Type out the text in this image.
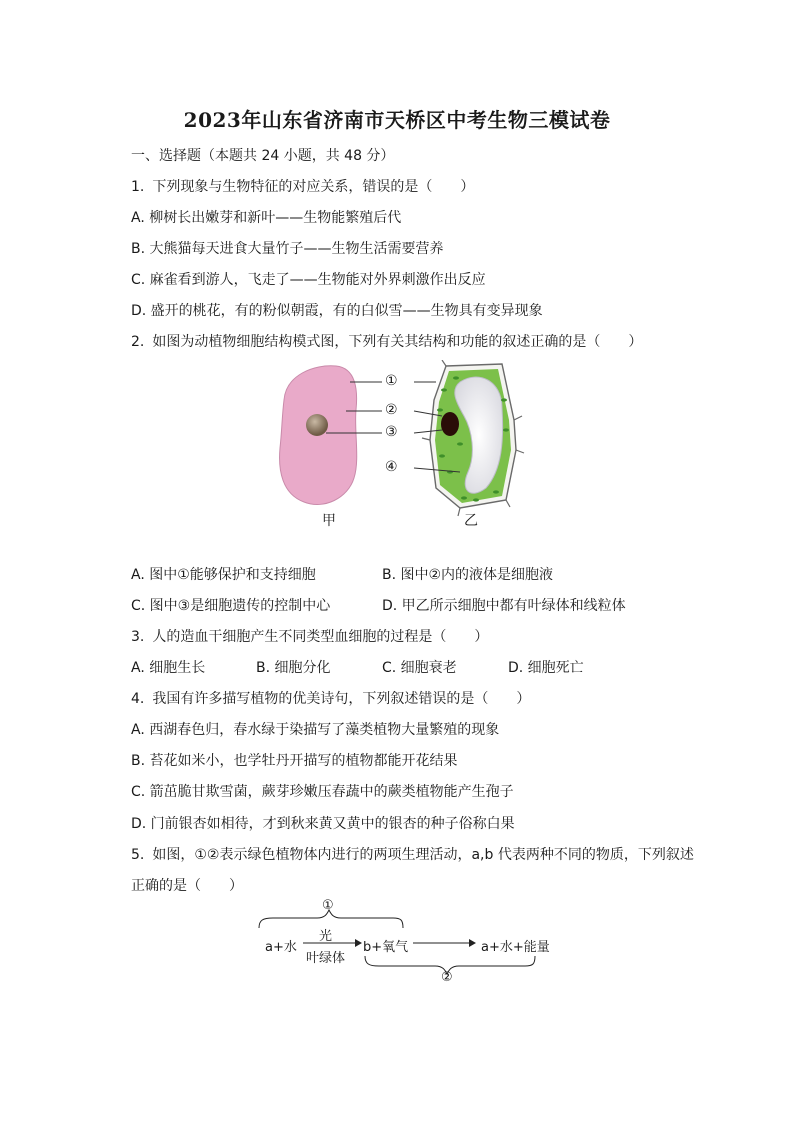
2023年山东省济南市天桥区中考生物三模试卷
一、选择题（本题共 24 小题，共 48 分）
1. 下列现象与生物特征的对应关系，错误的是（　　）
A. 柳树长出嫩芽和新叶——生物能繁殖后代
B. 大熊猫每天进食大量竹子——生物生活需要营养
C. 麻雀看到游人，飞走了——生物能对外界刺激作出反应
D. 盛开的桃花，有的粉似朝霞，有的白似雪——生物具有变异现象
2. 如图为动植物细胞结构模式图，下列有关其结构和功能的叙述正确的是（　　）
①
②
③
④
甲	乙
A. 图中①能够保护和支持细胞	B. 图中②内的液体是细胞液
C. 图中③是细胞遗传的控制中心	D. 甲乙所示细胞中都有叶绿体和线粒体
3. 人的造血干细胞产生不同类型血细胞的过程是（　　）
A. 细胞生长	B. 细胞分化	C. 细胞衰老	D. 细胞死亡
4. 我国有许多描写植物的优美诗句，下列叙述错误的是（　　）
A. 西湖春色归，春水绿于染描写了藻类植物大量繁殖的现象
B. 苔花如米小，也学牡丹开描写的植物都能开花结果
C. 箭茁脆甘欺雪菌，蕨芽珍嫩压春蔬中的蕨类植物能产生孢子
D. 门前银杏如相待，才到秋来黄又黄中的银杏的种子俗称白果
5. 如图，①②表示绿色植物体内进行的两项生理活动，a,b 代表两种不同的物质，下列叙述
正确的是（　　）
①
②
a+水
光
叶绿体
b+氧气	a+水+能量
